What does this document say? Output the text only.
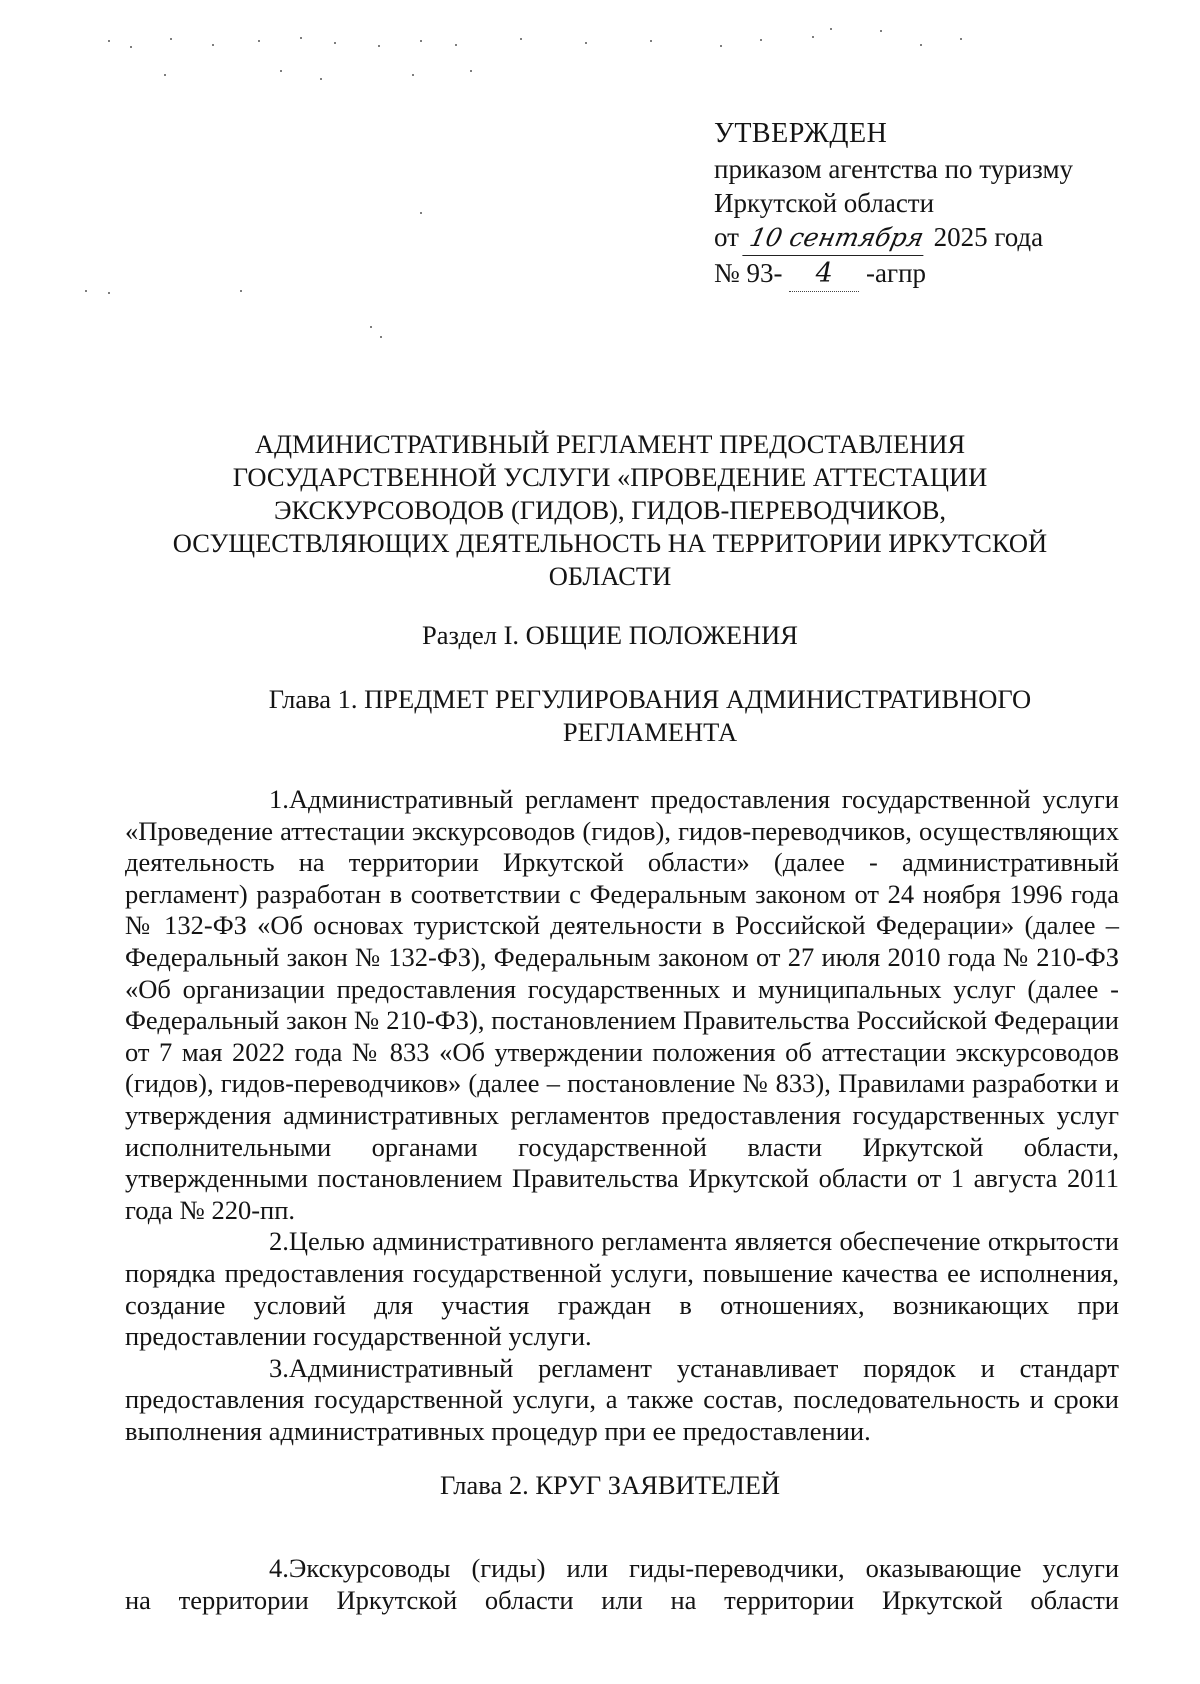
УТВЕРЖДЕН
приказом агентства по туризму
Иркутской области
от 10 сентября 2025 года
№ 93- 4 -агпр
АДМИНИСТРАТИВНЫЙ РЕГЛАМЕНТ ПРЕДОСТАВЛЕНИЯ
ГОСУДАРСТВЕННОЙ УСЛУГИ «ПРОВЕДЕНИЕ АТТЕСТАЦИИ
ЭКСКУРСОВОДОВ (ГИДОВ), ГИДОВ-ПЕРЕВОДЧИКОВ,
ОСУЩЕСТВЛЯЮЩИХ ДЕЯТЕЛЬНОСТЬ НА ТЕРРИТОРИИ ИРКУТСКОЙ
ОБЛАСТИ
Раздел I. ОБЩИЕ ПОЛОЖЕНИЯ
Глава 1. ПРЕДМЕТ РЕГУЛИРОВАНИЯ АДМИНИСТРАТИВНОГО
РЕГЛАМЕНТА

1.Административный регламент предоставления государственной услуги «Проведение аттестации экскурсоводов (гидов), гидов-переводчиков, осуществляющих деятельность на территории Иркутской области» (далее - административный регламент) разработан в соответствии с Федеральным законом от 24 ноября 1996 года № 132-ФЗ «Об основах туристской деятельности в Российской Федерации» (далее – Федеральный закон № 132-ФЗ), Федеральным законом от 27 июля 2010 года № 210-ФЗ «Об организации предоставления государственных и муниципальных услуг (далее - Федеральный закон № 210-ФЗ), постановлением Правительства Российской Федерации от 7 мая 2022 года № 833 «Об утверждении положения об аттестации экскурсоводов (гидов), гидов-переводчиков» (далее – постановление № 833), Правилами разработки и утверждения административных регламентов предоставления государственных услуг исполнительными органами государственной власти Иркутской области, утвержденными постановлением Правительства Иркутской области от 1 августа 2011 года № 220-пп.

2.Целью административного регламента является обеспечение открытости порядка предоставления государственной услуги, повышение качества ее исполнения, создание условий для участия граждан в отношениях, возникающих при предоставлении государственной услуги.

3.Административный регламент устанавливает порядок и стандарт предоставления государственной услуги, а также состав, последовательность и сроки выполнения административных процедур при ее предоставлении.

Глава 2. КРУГ ЗАЯВИТЕЛЕЙ
4.Экскурсоводы (гиды) или гиды-переводчики, оказывающие услуги
на территории Иркутской области или на территории Иркутской области
